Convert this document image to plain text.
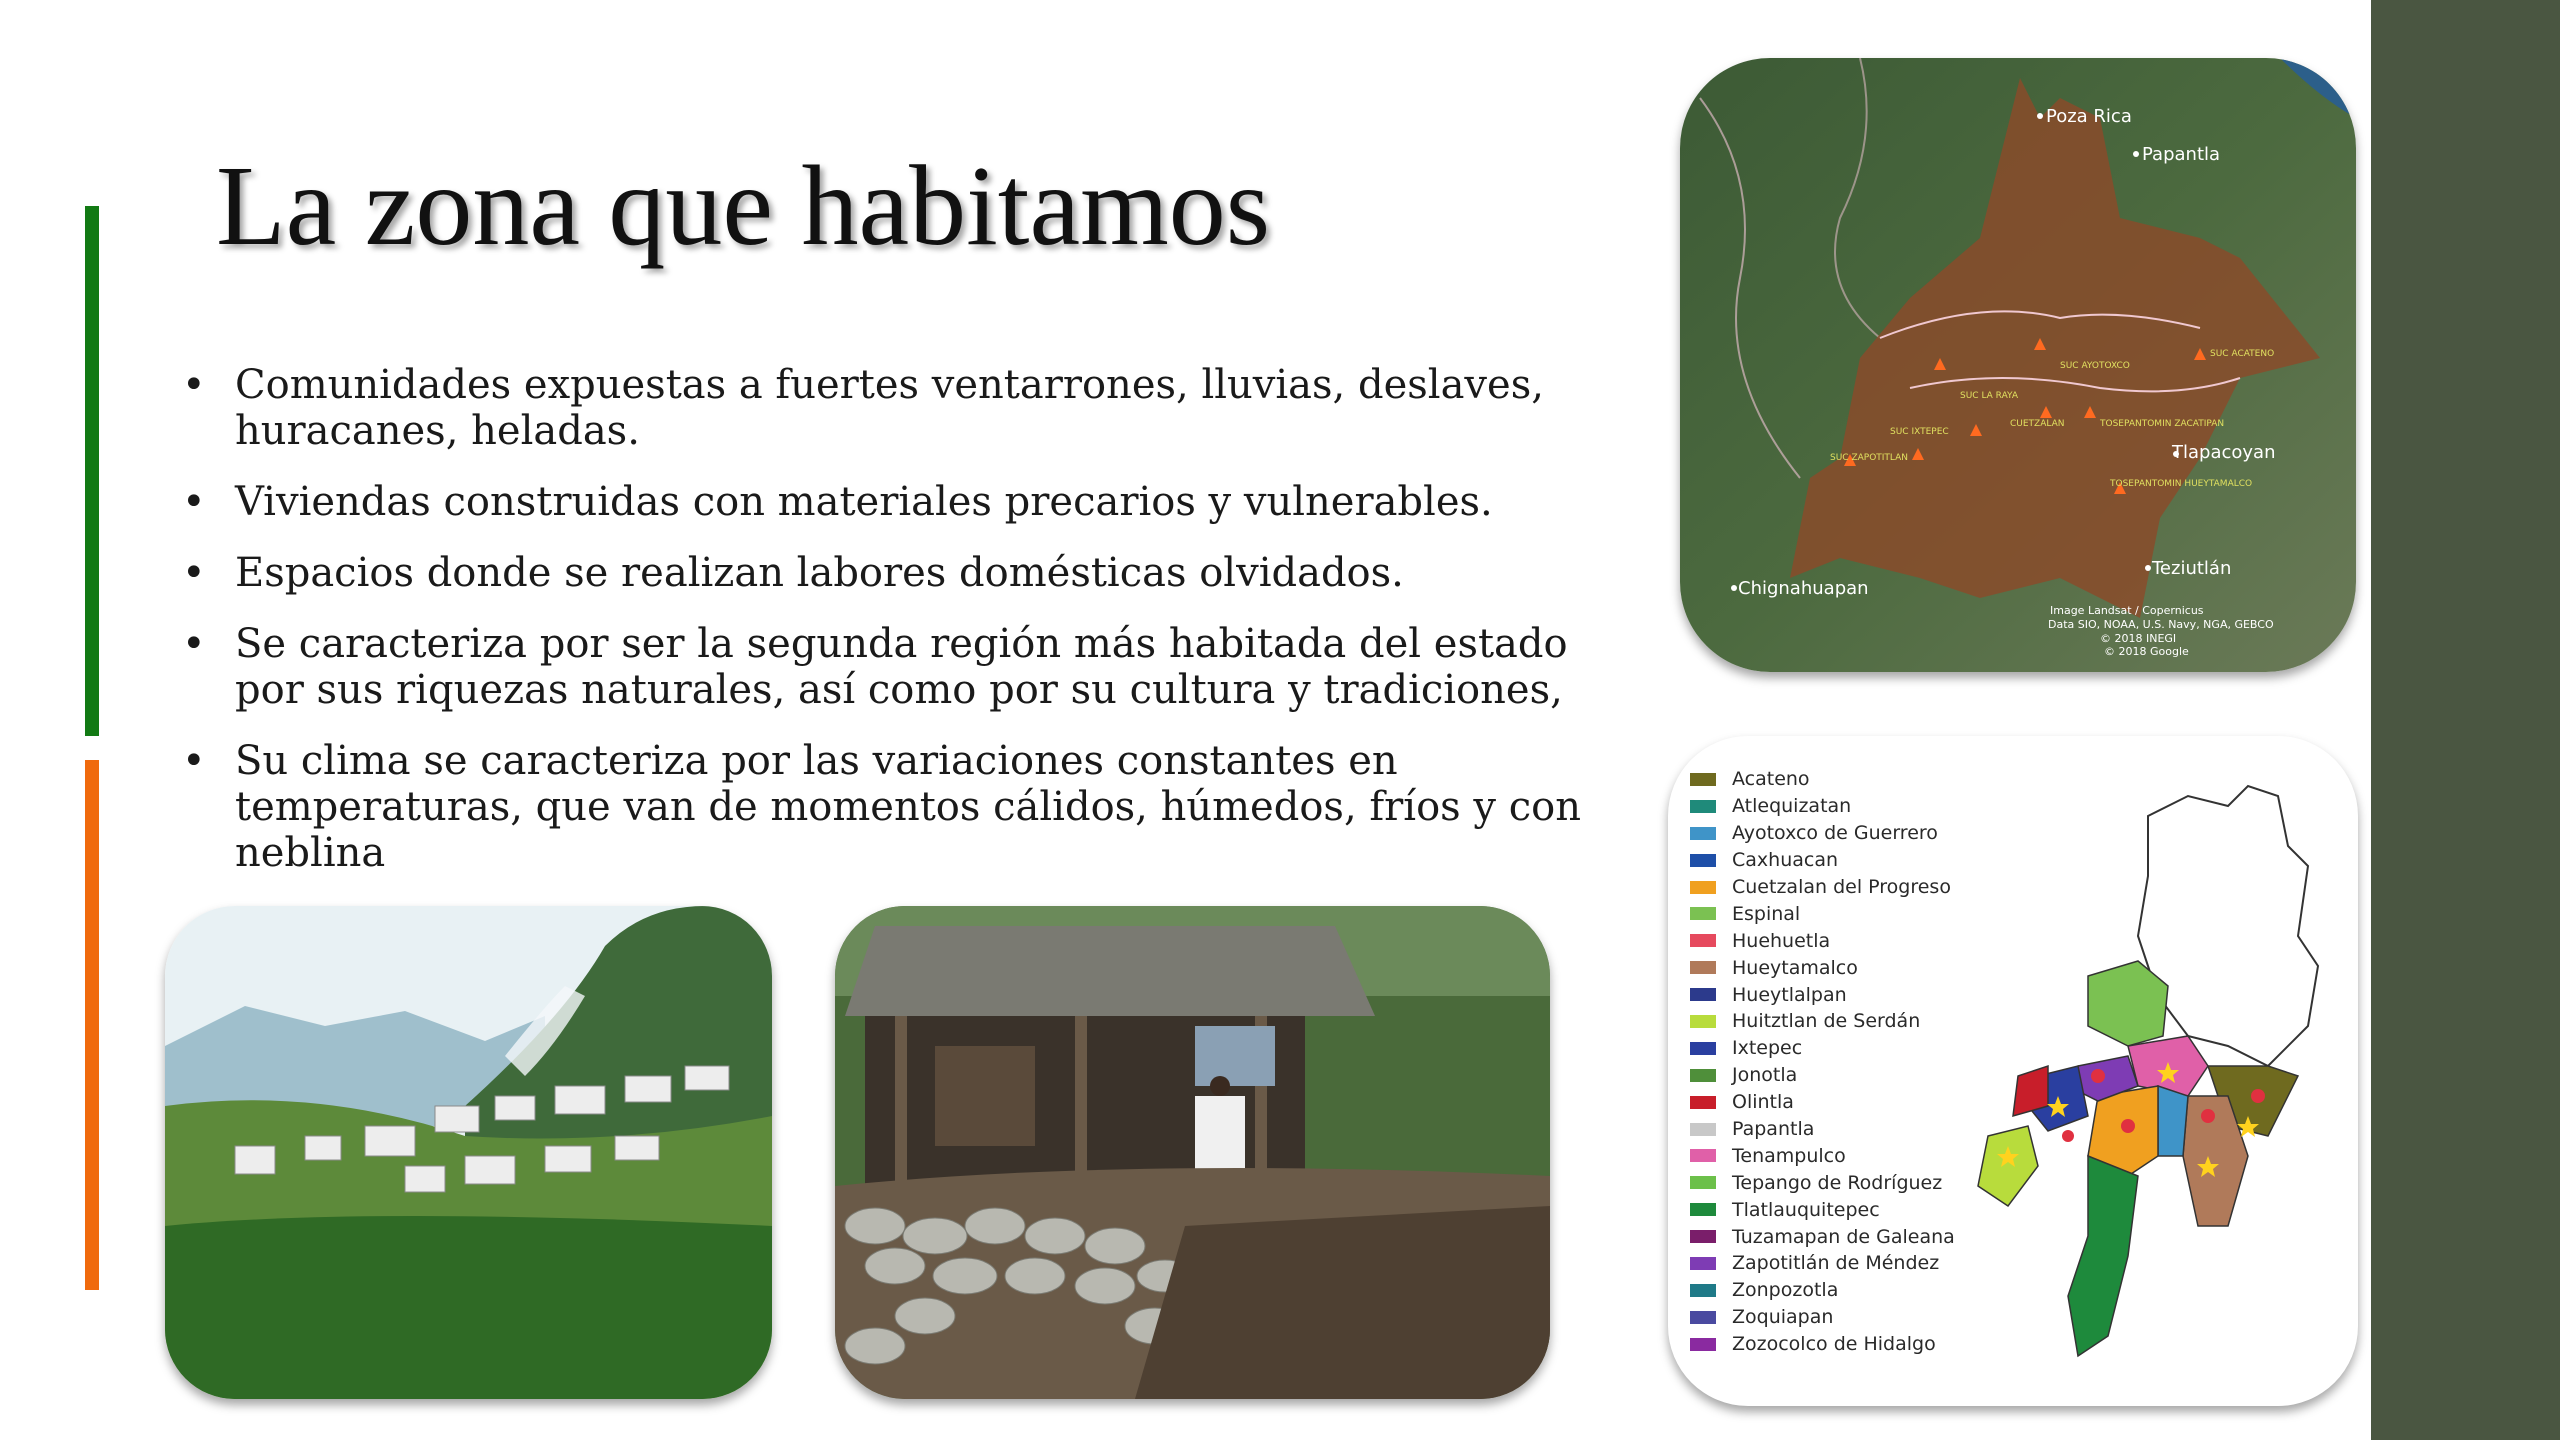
La zona que habitamos
• Comunidades expuestas a fuertes ventarrones, lluvias, deslaves, huracanes, heladas.
• Viviendas construidas con materiales precarios y vulnerables.
• Espacios donde se realizan labores domésticas olvidados.
• Se caracteriza por ser la segunda región más habitada del estado por sus riquezas naturales, así como por su cultura y tradiciones,
• Su clima se caracteriza por las variaciones constantes en temperaturas, que van de momentos cálidos, húmedos, fríos y con neblina
SUC AYOTOXCO
SUC LA RAYA
CUETZALAN	TOSEPANTOMIN ZACATIPAN
SUC IXTEPEC
SUC ZAPOTITLAN
TOSEPANTOMIN HUEYTAMALCO
SUC ACATENO
Poza Rica
Papantla
Tlapacoyan
Teziutlán
Chignahuapan
Image Landsat / Copernicus
Data SIO, NOAA, U.S. Navy, NGA, GEBCO
© 2018 INEGI
© 2018 Google
Acateno
Atlequizatan
Ayotoxco de Guerrero
Caxhuacan
Cuetzalan del Progreso
Espinal
Huehuetla
Hueytamalco
Hueytlalpan
Huitztlan de Serdán
Ixtepec
Jonotla
Olintla
Papantla
Tenampulco
Tepango de Rodríguez
Tlatlauquitepec
Tuzamapan de Galeana
Zapotitlán de Méndez
Zonpozotla
Zoquiapan
Zozocolco de Hidalgo
